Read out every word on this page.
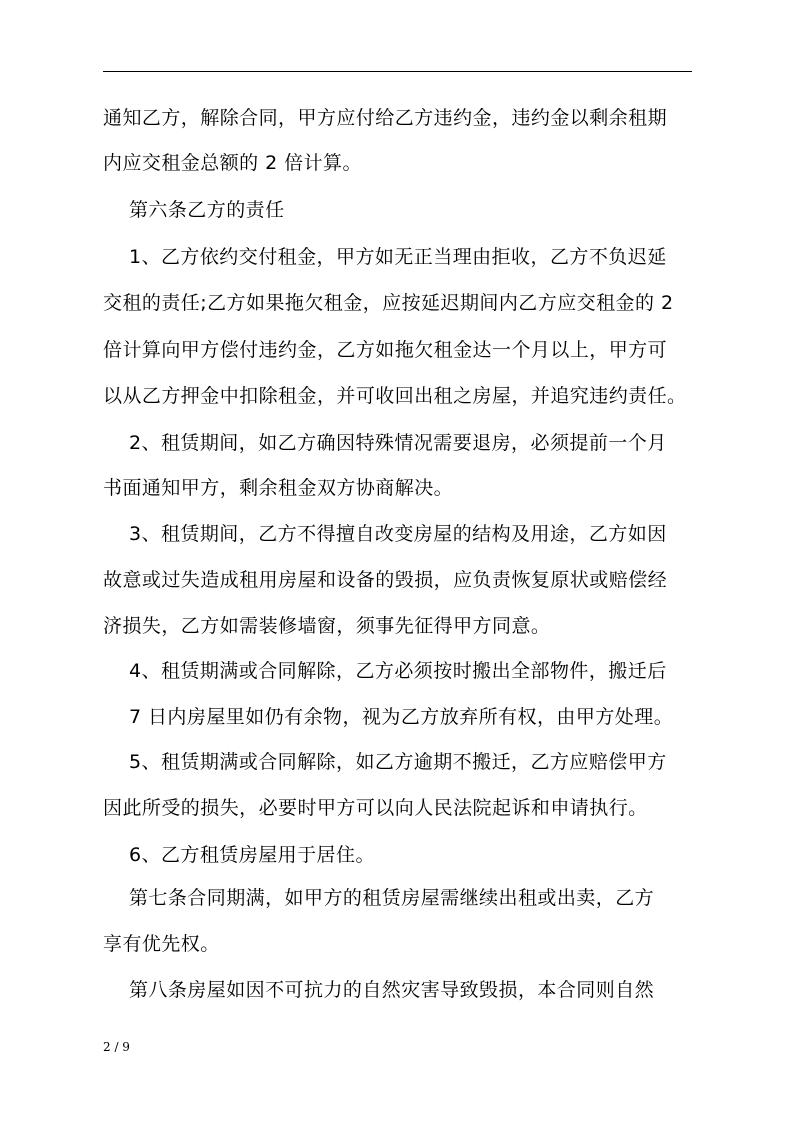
通知乙方，解除合同，甲方应付给乙方违约金，违约金以剩余租期
内应交租金总额的 2 倍计算。
第六条乙方的责任
1、乙方依约交付租金，甲方如无正当理由拒收，乙方不负迟延
交租的责任;乙方如果拖欠租金，应按延迟期间内乙方应交租金的 2
倍计算向甲方偿付违约金，乙方如拖欠租金达一个月以上，甲方可
以从乙方押金中扣除租金，并可收回出租之房屋，并追究违约责任。
2、租赁期间，如乙方确因特殊情况需要退房，必须提前一个月
书面通知甲方，剩余租金双方协商解决。
3、租赁期间，乙方不得擅自改变房屋的结构及用途，乙方如因
故意或过失造成租用房屋和设备的毁损，应负责恢复原状或赔偿经
济损失，乙方如需装修墙窗，须事先征得甲方同意。
4、租赁期满或合同解除，乙方必须按时搬出全部物件，搬迁后
7 日内房屋里如仍有余物，视为乙方放弃所有权，由甲方处理。
5、租赁期满或合同解除，如乙方逾期不搬迁，乙方应赔偿甲方
因此所受的损失，必要时甲方可以向人民法院起诉和申请执行。
6、乙方租赁房屋用于居住。
第七条合同期满，如甲方的租赁房屋需继续出租或出卖，乙方
享有优先权。
第八条房屋如因不可抗力的自然灾害导致毁损，本合同则自然
2 / 9
